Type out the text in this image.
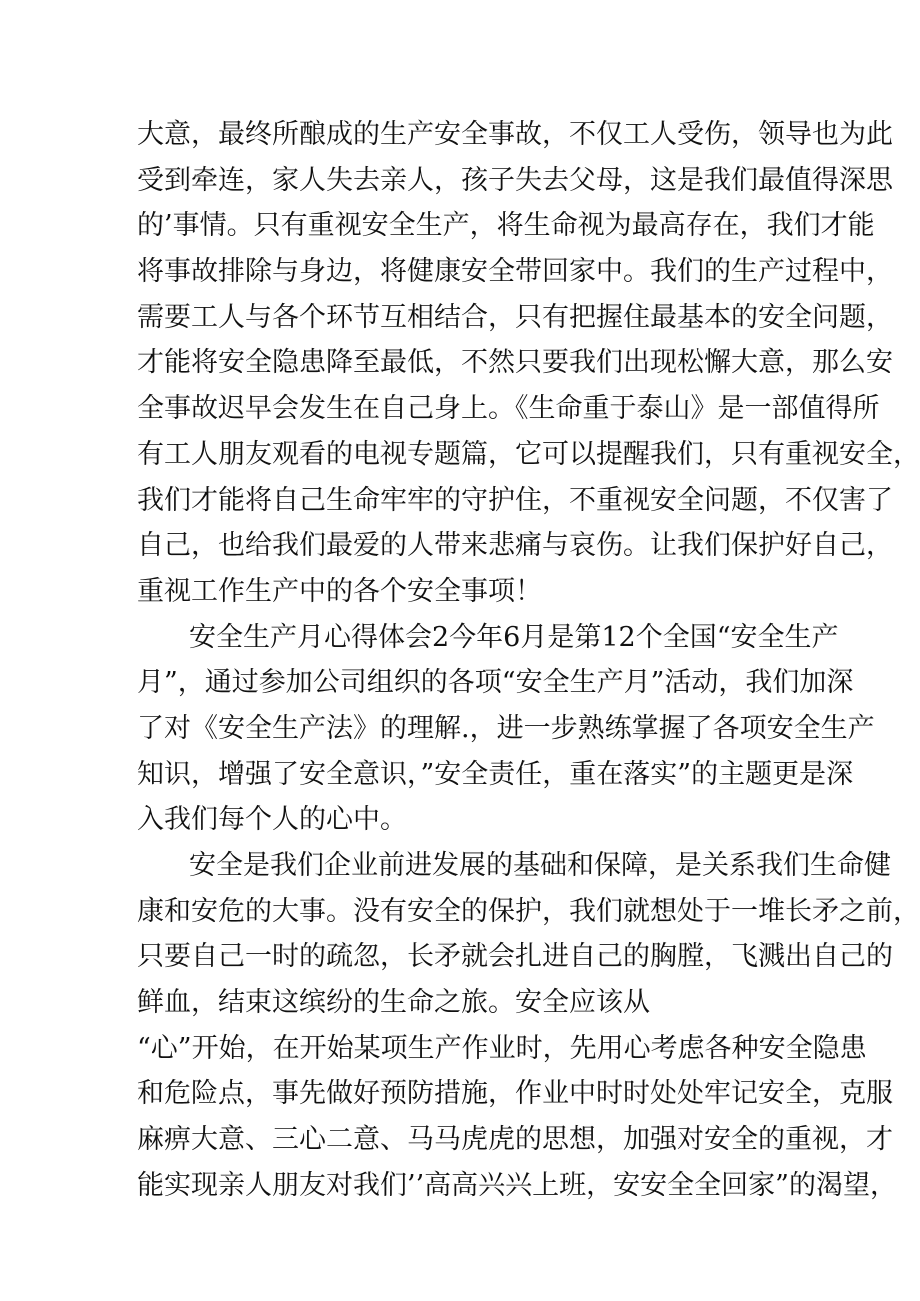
大意，最终所酿成的生产安全事故，不仅工人受伤，领导也为此
受到牵连，家人失去亲人，孩子失去父母，这是我们最值得深思
的’事情。只有重视安全生产，将生命视为最高存在，我们才能
将事故排除与身边，将健康安全带回家中。我们的生产过程中，
需要工人与各个环节互相结合，只有把握住最基本的安全问题，
才能将安全隐患降至最低，不然只要我们出现松懈大意，那么安
全事故迟早会发生在自己身上。《生命重于泰山》是一部值得所
有工人朋友观看的电视专题篇，它可以提醒我们，只有重视安全，
我们才能将自己生命牢牢的守护住，不重视安全问题，不仅害了
自己，也给我们最爱的人带来悲痛与哀伤。让我们保护好自己，
重视工作生产中的各个安全事项！
安全生产月心得体会2今年6月是第12个全国“安全生产
月”，通过参加公司组织的各项“安全生产月”活动，我们加深
了对《安全生产法》的理解.，进一步熟练掌握了各项安全生产
知识，增强了安全意识，”安全责任，重在落实”的主题更是深
入我们每个人的心中。
安全是我们企业前进发展的基础和保障，是关系我们生命健
康和安危的大事。没有安全的保护，我们就想处于一堆长矛之前，
只要自己一时的疏忽，长矛就会扎进自己的胸膛，飞溅出自己的
鲜血，结束这缤纷的生命之旅。安全应该从
“心”开始，在开始某项生产作业时，先用心考虑各种安全隐患
和危险点，事先做好预防措施，作业中时时处处牢记安全，克服
麻痹大意、三心二意、马马虎虎的思想，加强对安全的重视，才
能实现亲人朋友对我们’’高高兴兴上班，安安全全回家”的渴望，
